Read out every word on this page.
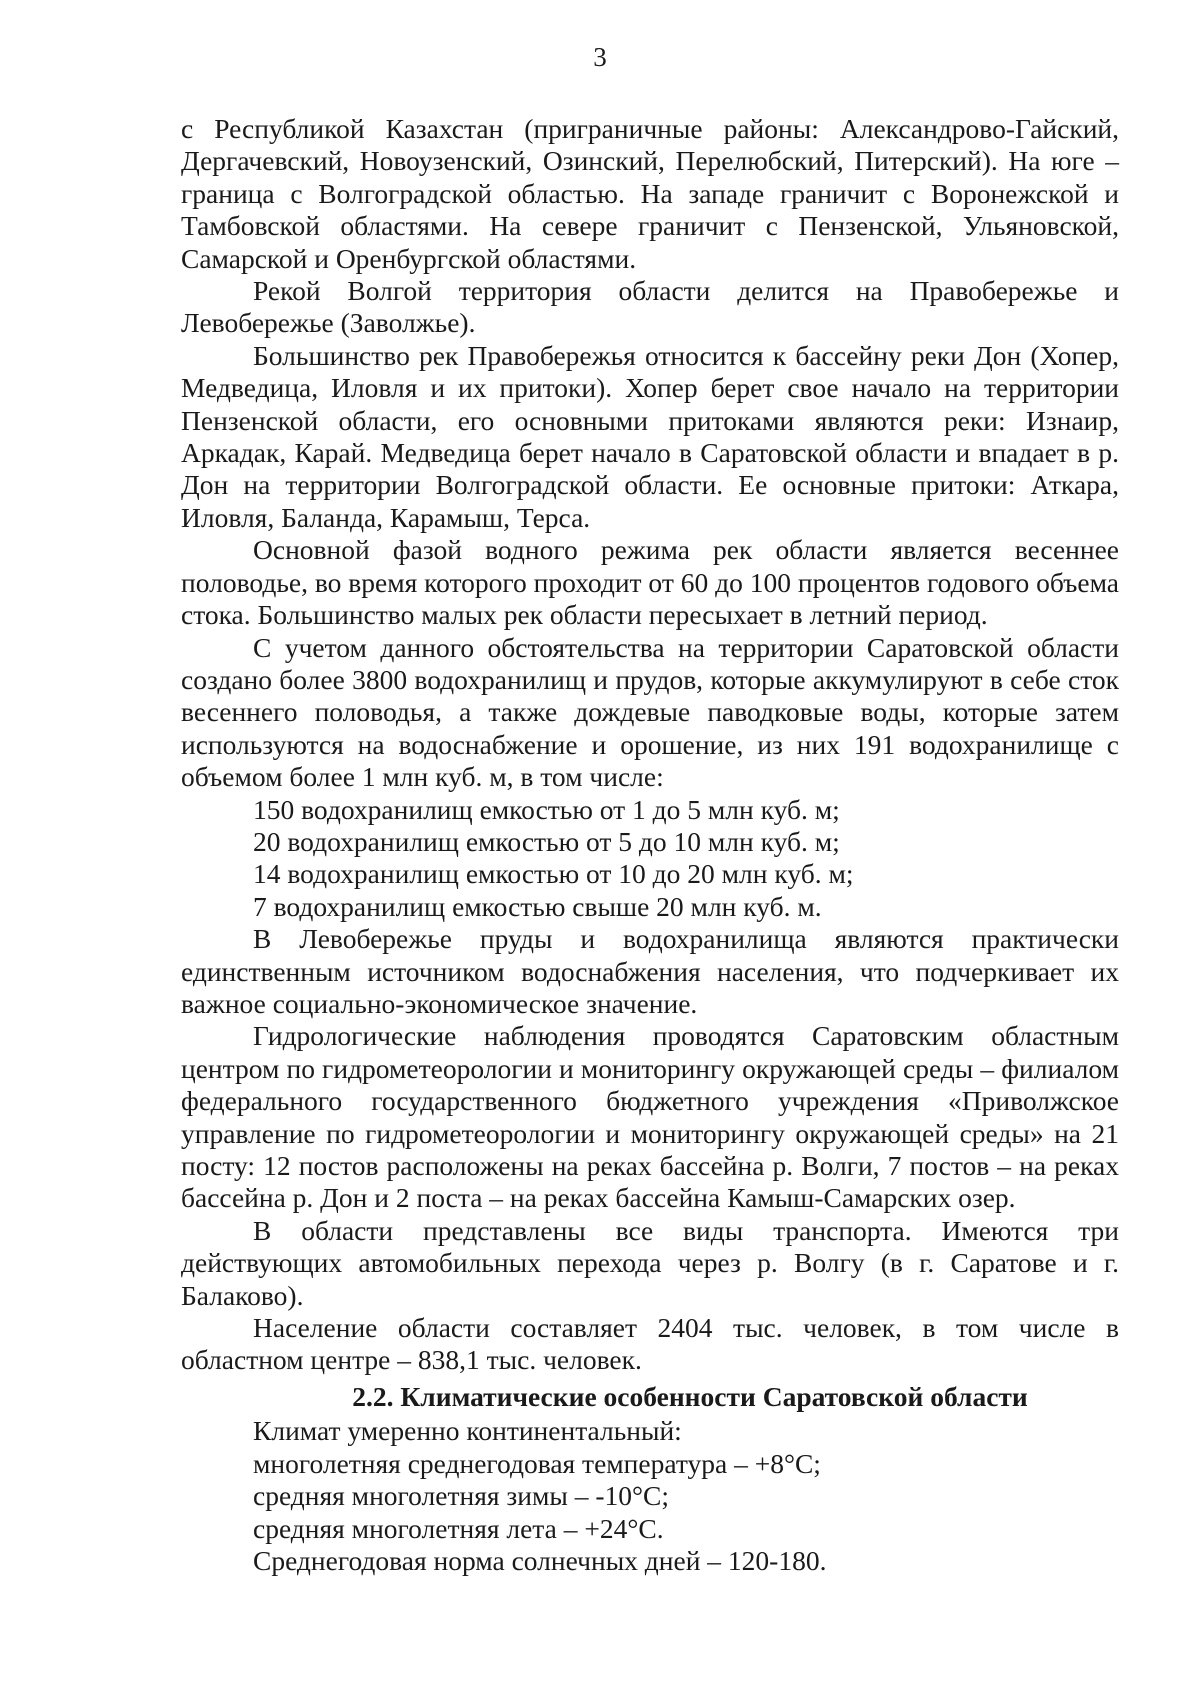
3

с Республикой Казахстан (приграничные районы: Александрово-Гайский, Дергачевский, Новоузенский, Озинский, Перелюбский, Питерский). На юге – граница с Волгоградской областью. На западе граничит с Воронежской и Тамбовской областями. На севере граничит с Пензенской, Ульяновской, Самарской и Оренбургской областями.

Рекой Волгой территория области делится на Правобережье и Левобережье (Заволжье).

Большинство рек Правобережья относится к бассейну реки Дон (Хопер, Медведица, Иловля и их притоки). Хопер берет свое начало на территории Пензенской области, его основными притоками являются реки: Изнаир, Аркадак, Карай. Медведица берет начало в Саратовской области и впадает в р. Дон на территории Волгоградской области. Ее основные притоки: Аткара, Иловля, Баланда, Карамыш, Терса.

Основной фазой водного режима рек области является весеннее половодье, во время которого проходит от 60 до 100 процентов годового объема стока. Большинство малых рек области пересыхает в летний период.

С учетом данного обстоятельства на территории Саратовской области создано более 3800 водохранилищ и прудов, которые аккумулируют в себе сток весеннего половодья, а также дождевые паводковые воды, которые затем используются на водоснабжение и орошение, из них 191 водохранилище с объемом более 1 млн куб. м, в том числе:

150 водохранилищ емкостью от 1 до 5 млн куб. м;

20 водохранилищ емкостью от 5 до 10 млн куб. м;

14 водохранилищ емкостью от 10 до 20 млн куб. м;

7 водохранилищ емкостью свыше 20 млн куб. м.

В Левобережье пруды и водохранилища являются практически единственным источником водоснабжения населения, что подчеркивает их важное социально-экономическое значение.

Гидрологические наблюдения проводятся Саратовским областным центром по гидрометеорологии и мониторингу окружающей среды – филиалом федерального государственного бюджетного учреждения «Приволжское управление по гидрометеорологии и мониторингу окружающей среды» на 21 посту: 12 постов расположены на реках бассейна р. Волги, 7 постов – на реках бассейна р. Дон и 2 поста – на реках бассейна Камыш-Самарских озер.

В области представлены все виды транспорта. Имеются три действующих автомобильных перехода через р. Волгу (в г. Саратове и г. Балаково).

Население области составляет 2404 тыс. человек, в том числе в областном центре – 838,1 тыс. человек.

2.2. Климатические особенности Саратовской области

Климат умеренно континентальный:

многолетняя среднегодовая температура – +8°С;

средняя многолетняя зимы – -10°С;

средняя многолетняя лета – +24°С.

Среднегодовая норма солнечных дней – 120-180.
